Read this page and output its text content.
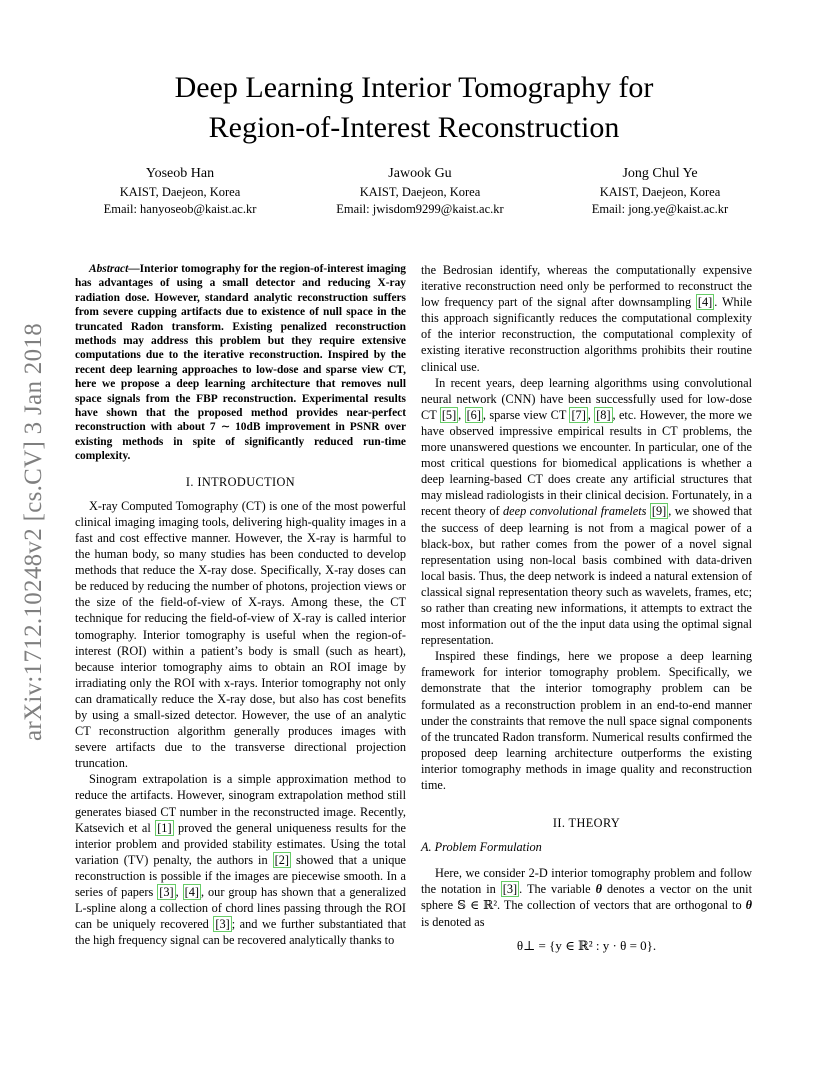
Deep Learning Interior Tomography for
Region-of-Interest Reconstruction
Yoseob Han
KAIST, Daejeon, Korea
Email: hanyoseob@kaist.ac.kr
Jawook Gu
KAIST, Daejeon, Korea
Email: jwisdom9299@kaist.ac.kr
Jong Chul Ye
KAIST, Daejeon, Korea
Email: jong.ye@kaist.ac.kr
arXiv:1712.10248v2 [cs.CV] 3 Jan 2018

Abstract—Interior tomography for the region-of-interest imaging has advantages of using a small detector and reducing X-ray radiation dose. However, standard analytic reconstruction suffers from severe cupping artifacts due to existence of null space in the truncated Radon transform. Existing penalized reconstruction methods may address this problem but they require extensive computations due to the iterative reconstruction. Inspired by the recent deep learning approaches to low-dose and sparse view CT, here we propose a deep learning architecture that removes null space signals from the FBP reconstruction. Experimental results have shown that the proposed method provides near-perfect reconstruction with about 7 ∼ 10dB improvement in PSNR over existing methods in spite of significantly reduced run-time complexity.

I. INTRODUCTION

X-ray Computed Tomography (CT) is one of the most powerful clinical imaging imaging tools, delivering high-quality images in a fast and cost effective manner. However, the X-ray is harmful to the human body, so many studies has been conducted to develop methods that reduce the X-ray dose. Specifically, X-ray doses can be reduced by reducing the number of photons, projection views or the size of the field-of-view of X-rays. Among these, the CT technique for reducing the field-of-view of X-ray is called interior tomography. Interior tomography is useful when the region-of-interest (ROI) within a patient’s body is small (such as heart), because interior tomography aims to obtain an ROI image by irradiating only the ROI with x-rays. Interior tomography not only can dramatically reduce the X-ray dose, but also has cost benefits by using a small-sized detector. However, the use of an analytic CT reconstruction algorithm generally produces images with severe artifacts due to the transverse directional projection truncation.

Sinogram extrapolation is a simple approximation method to reduce the artifacts. However, sinogram extrapolation method still generates biased CT number in the reconstructed image. Recently, Katsevich et al [1] proved the general uniqueness results for the interior problem and provided stability estimates. Using the total variation (TV) penalty, the authors in [2] showed that a unique reconstruction is possible if the images are piecewise smooth. In a series of papers [3] , [4] , our group has shown that a generalized L-spline along a collection of chord lines passing through the ROI can be uniquely recovered [3] ; and we further substantiated that the high frequency signal can be recovered analytically thanks to

the Bedrosian identify, whereas the computationally expensive iterative reconstruction need only be performed to reconstruct the low frequency part of the signal after downsampling [4] . While this approach significantly reduces the computational complexity of the interior reconstruction, the computational complexity of existing iterative reconstruction algorithms prohibits their routine clinical use.

In recent years, deep learning algorithms using convolutional neural network (CNN) have been successfully used for low-dose CT [5] , [6] , sparse view CT [7] , [8] , etc. However, the more we have observed impressive empirical results in CT problems, the more unanswered questions we encounter. In particular, one of the most critical questions for biomedical applications is whether a deep learning-based CT does create any artificial structures that may mislead radiologists in their clinical decision. Fortunately, in a recent theory of deep convolutional framelets [9] , we showed that the success of deep learning is not from a magical power of a black-box, but rather comes from the power of a novel signal representation using non-local basis combined with data-driven local basis. Thus, the deep network is indeed a natural extension of classical signal representation theory such as wavelets, frames, etc; so rather than creating new informations, it attempts to extract the most information out of the the input data using the optimal signal representation.

Inspired these findings, here we propose a deep learning framework for interior tomography problem. Specifically, we demonstrate that the interior tomography problem can be formulated as a reconstruction problem in an end-to-end manner under the constraints that remove the null space signal components of the truncated Radon transform. Numerical results confirmed the proposed deep learning architecture outperforms the existing interior tomography methods in image quality and reconstruction time.

II. THEORY
A. Problem Formulation

Here, we consider 2-D interior tomography problem and follow the notation in [3] . The variable θ denotes a vector on the unit sphere 𝕊 ∈ ℝ². The collection of vectors that are orthogonal to θ is denoted as

θ⊥ = {y ∈ ℝ² : y · θ = 0}.
